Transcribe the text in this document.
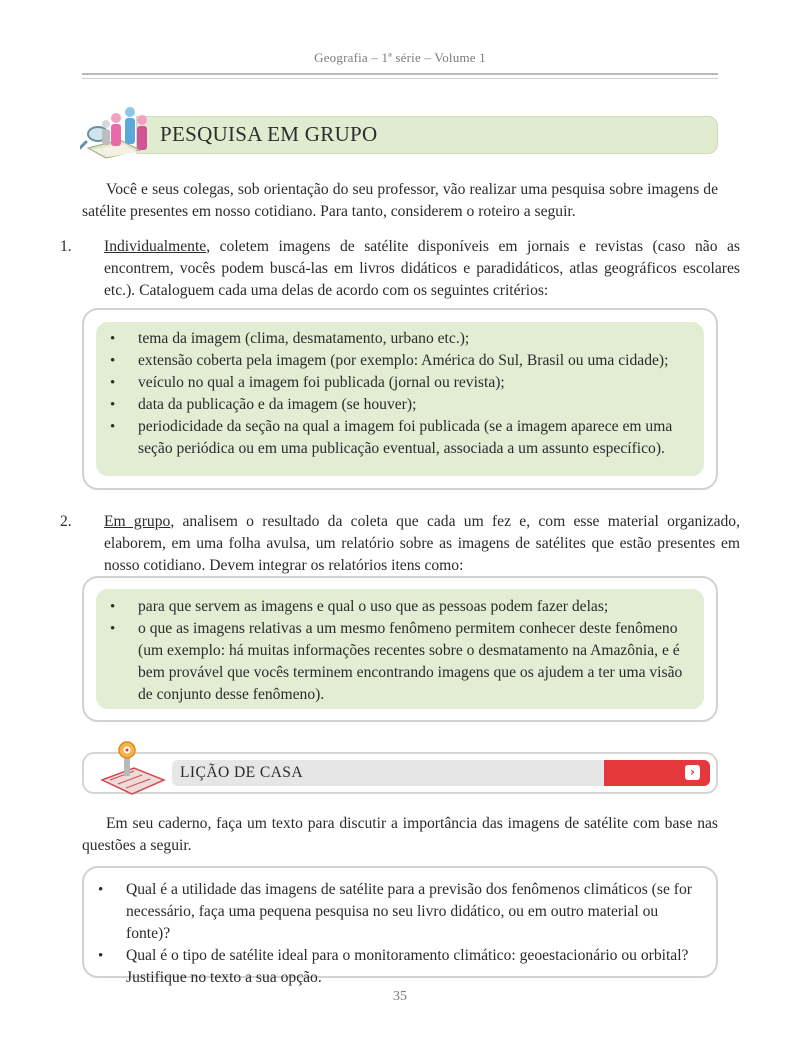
Geografia – 1ª série – Volume 1
PESQUISA EM GRUPO

Você e seus colegas, sob orientação do seu professor, vão realizar uma pesquisa sobre imagens de satélite presentes em nosso cotidiano. Para tanto, considerem o roteiro a seguir.

1. Individualmente, coletem imagens de satélite disponíveis em jornais e revistas (caso não as encontrem, vocês podem buscá-las em livros didáticos e paradidáticos, atlas geográficos escolares etc.). Cataloguem cada uma delas de acordo com os seguintes critérios:

• tema da imagem (clima, desmatamento, urbano etc.);
• extensão coberta pela imagem (por exemplo: América do Sul, Brasil ou uma cidade);
• veículo no qual a imagem foi publicada (jornal ou revista);
• data da publicação e da imagem (se houver);
• periodicidade da seção na qual a imagem foi publicada (se a imagem aparece em uma seção periódica ou em uma publicação eventual, associada a um assunto específico).

2. Em grupo, analisem o resultado da coleta que cada um fez e, com esse material organizado, elaborem, em uma folha avulsa, um relatório sobre as imagens de satélites que estão presentes em nosso cotidiano. Devem integrar os relatórios itens como:

• para que servem as imagens e qual o uso que as pessoas podem fazer delas;
• o que as imagens relativas a um mesmo fenômeno permitem conhecer deste fenômeno (um exemplo: há muitas informações recentes sobre o desmatamento na Amazônia, e é bem provável que vocês terminem encontrando imagens que os ajudem a ter uma visão de conjunto desse fenômeno).
LIÇÃO DE CASA	›

Em seu caderno, faça um texto para discutir a importância das imagens de satélite com base nas questões a seguir.

• Qual é a utilidade das imagens de satélite para a previsão dos fenômenos climáticos (se for necessário, faça uma pequena pesquisa no seu livro didático, ou em outro material ou fonte)?
• Qual é o tipo de satélite ideal para o monitoramento climático: geoestacionário ou orbital? Justifique no texto a sua opção.
35
